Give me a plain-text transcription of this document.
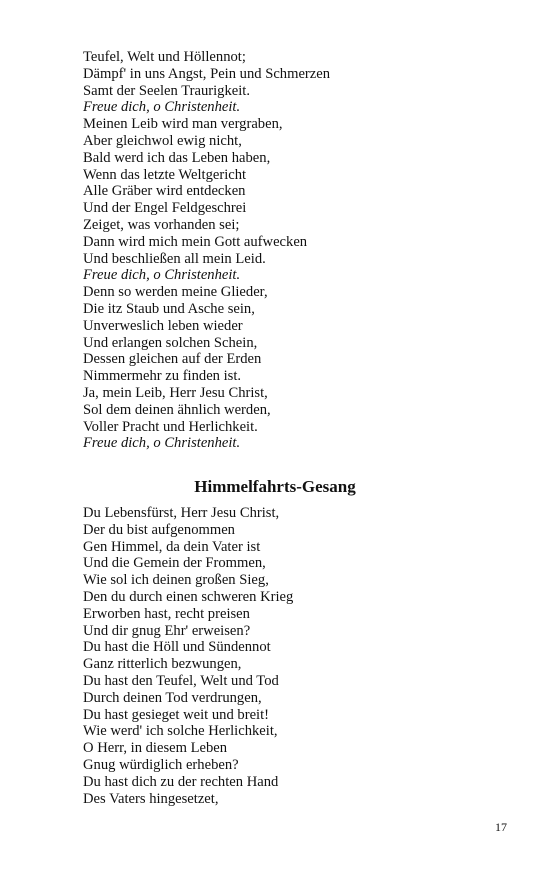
Teufel, Welt und Höllennot;
Dämpf' in uns Angst, Pein und Schmerzen
Samt der Seelen Traurigkeit.
Freue dich, o Christenheit.
Meinen Leib wird man vergraben,
Aber gleichwol ewig nicht,
Bald werd ich das Leben haben,
Wenn das letzte Weltgericht
Alle Gräber wird entdecken
Und der Engel Feldgeschrei
Zeiget, was vorhanden sei;
Dann wird mich mein Gott aufwecken
Und beschließen all mein Leid.
Freue dich, o Christenheit.
Denn so werden meine Glieder,
Die itz Staub und Asche sein,
Unverweslich leben wieder
Und erlangen solchen Schein,
Dessen gleichen auf der Erden
Nimmermehr zu finden ist.
Ja, mein Leib, Herr Jesu Christ,
Sol dem deinen ähnlich werden,
Voller Pracht und Herlichkeit.
Freue dich, o Christenheit.
Himmelfahrts-Gesang
Du Lebensfürst, Herr Jesu Christ,
Der du bist aufgenommen
Gen Himmel, da dein Vater ist
Und die Gemein der Frommen,
Wie sol ich deinen großen Sieg,
Den du durch einen schweren Krieg
Erworben hast, recht preisen
Und dir gnug Ehr' erweisen?
Du hast die Höll und Sündennot
Ganz ritterlich bezwungen,
Du hast den Teufel, Welt und Tod
Durch deinen Tod verdrungen,
Du hast gesieget weit und breit!
Wie werd' ich solche Herlichkeit,
O Herr, in diesem Leben
Gnug würdiglich erheben?
Du hast dich zu der rechten Hand
Des Vaters hingesetzet,
17
